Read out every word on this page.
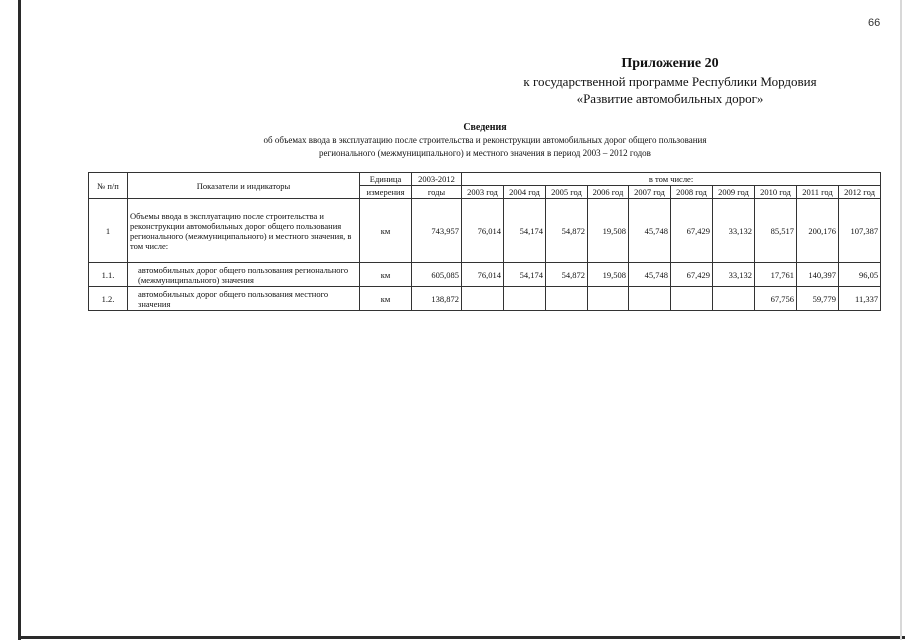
66
Приложение 20
к государственной программе Республики Мордовия
«Развитие автомобильных дорог»
Сведения
об объемах ввода в эксплуатацию после строительства и реконструкции автомобильных дорог общего пользования
регионального (межмуниципального) и местного значения в период 2003 – 2012 годов
№ п/п	Показатели и индикаторы	Единица	2003-2012	в том числе:									
		измерения	годы	2003 год	2004 год	2005 год	2006 год	2007 год	2008 год	2009 год	2010 год	2011 год	2012 год
1	Объемы ввода в эксплуатацию после строительства и реконструкции автомобильных дорог общего пользования регионального (межмуниципального) и местного значения, в том числе:	км	743,957	76,014	54,174	54,872	19,508	45,748	67,429	33,132	85,517	200,176	107,387
1.1.	автомобильных дорог общего пользования регионального (межмуниципального) значения	км	605,085	76,014	54,174	54,872	19,508	45,748	67,429	33,132	17,761	140,397	96,05
1.2.	автомобильных дорог общего пользования местного значения	км	138,872								67,756	59,779	11,337
